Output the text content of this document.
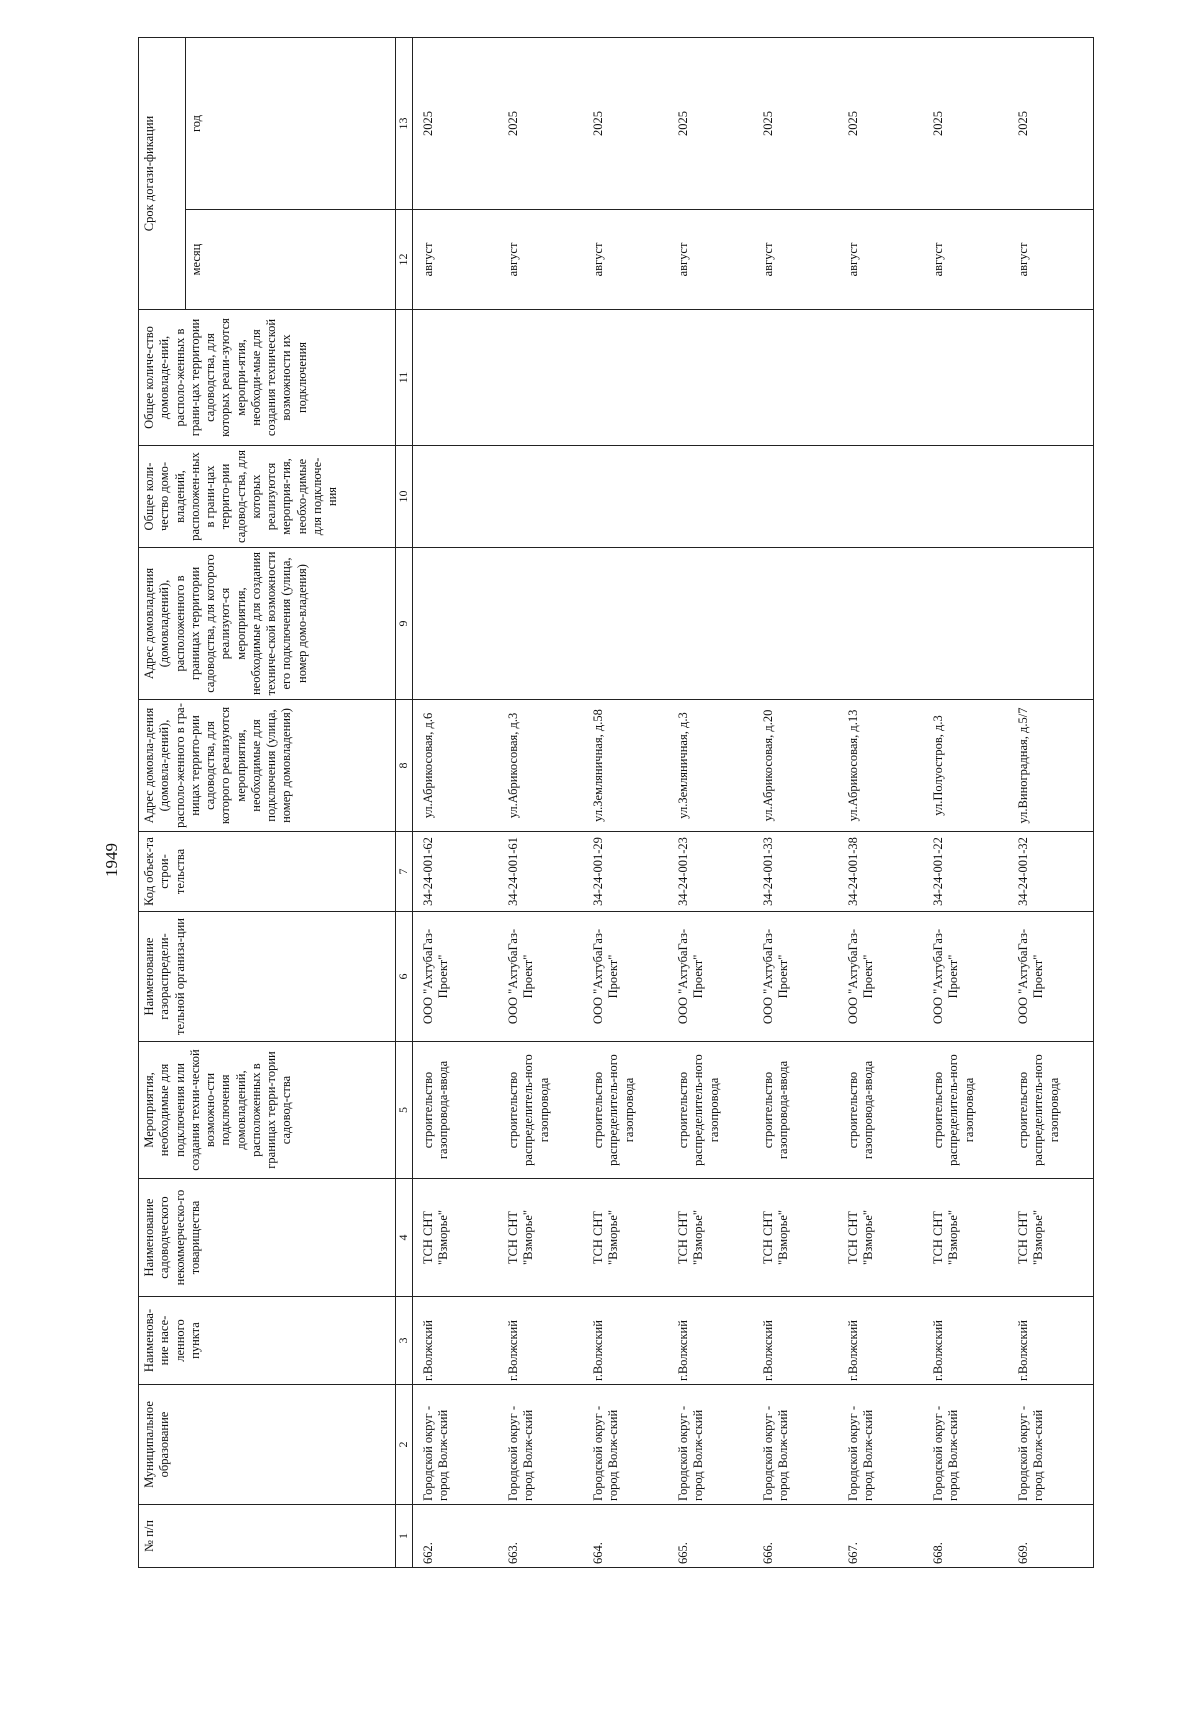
1949
№ п/п	Муниципальное образование	Наименова-ние насе-ленного пункта	Наименование садоводческого некоммерческо-го товарищества	Мероприятия, необходимые для подключения или создания техни-ческой возможно-сти подключения домовладений, расположенных в границах терри-тории садовод-ства	Наименование газораспредели-тельной организа-ции	Код объек-та строи-тельства	Адрес домовла-дения (домовла-дений), располо-женного в гра-ницах террито-рии садоводства, для которого реализуются мероприятия, необходимые для подключения (улица, номер домовладения)	Адрес домовладения (домовладений), расположенного в границах территории садоводства, для которого реализуют-ся мероприятия, необходимые для создания техниче-ской возможности его подключения (улица, номер домо-владения)	Общее коли-чество домо-владений, расположен-ных в грани-цах террито-рии садовод-ства, для которых реализуются мероприя-тия, необхо-димые для подключе-ния	Общее количе-ство домовладе-ний, располо-женных в грани-цах территории садоводства, для которых реали-зуются меропри-ятия, необходи-мые для создания технической возможности их подключения	Срок догази-фикации	
											месяц	год
1	2	3	4	5	6	7	8	9	10	11	12	13
662.	Городской округ - город Волж-ский	г.Волжский	ТСН СНТ "Взморье"	строительство газопровода-ввода	ООО "АхтубаГаз-Проект"	34-24-001-62	ул.Абрикосовая, д.6				август	2025
663.	Городской округ - город Волж-ский	г.Волжский	ТСН СНТ "Взморье"	строительство распределитель-ного газопровода	ООО "АхтубаГаз-Проект"	34-24-001-61	ул.Абрикосовая, д.3				август	2025
664.	Городской округ - город Волж-ский	г.Волжский	ТСН СНТ "Взморье"	строительство распределитель-ного газопровода	ООО "АхтубаГаз-Проект"	34-24-001-29	ул.Земляничная, д.58				август	2025
665.	Городской округ - город Волж-ский	г.Волжский	ТСН СНТ "Взморье"	строительство распределитель-ного газопровода	ООО "АхтубаГаз-Проект"	34-24-001-23	ул.Земляничная, д.3				август	2025
666.	Городской округ - город Волж-ский	г.Волжский	ТСН СНТ "Взморье"	строительство газопровода-ввода	ООО "АхтубаГаз-Проект"	34-24-001-33	ул.Абрикосовая, д.20				август	2025
667.	Городской округ - город Волж-ский	г.Волжский	ТСН СНТ "Взморье"	строительство газопровода-ввода	ООО "АхтубаГаз-Проект"	34-24-001-38	ул.Абрикосовая, д.13				август	2025
668.	Городской округ - город Волж-ский	г.Волжский	ТСН СНТ "Взморье"	строительство распределитель-ного газопровода	ООО "АхтубаГаз-Проект"	34-24-001-22	ул.Полуостров, д.3				август	2025
669.	Городской округ - город Волж-ский	г.Волжский	ТСН СНТ "Взморье"	строительство распределитель-ного газопровода	ООО "АхтубаГаз-Проект"	34-24-001-32	ул.Виноградная, д.5/7				август	2025
